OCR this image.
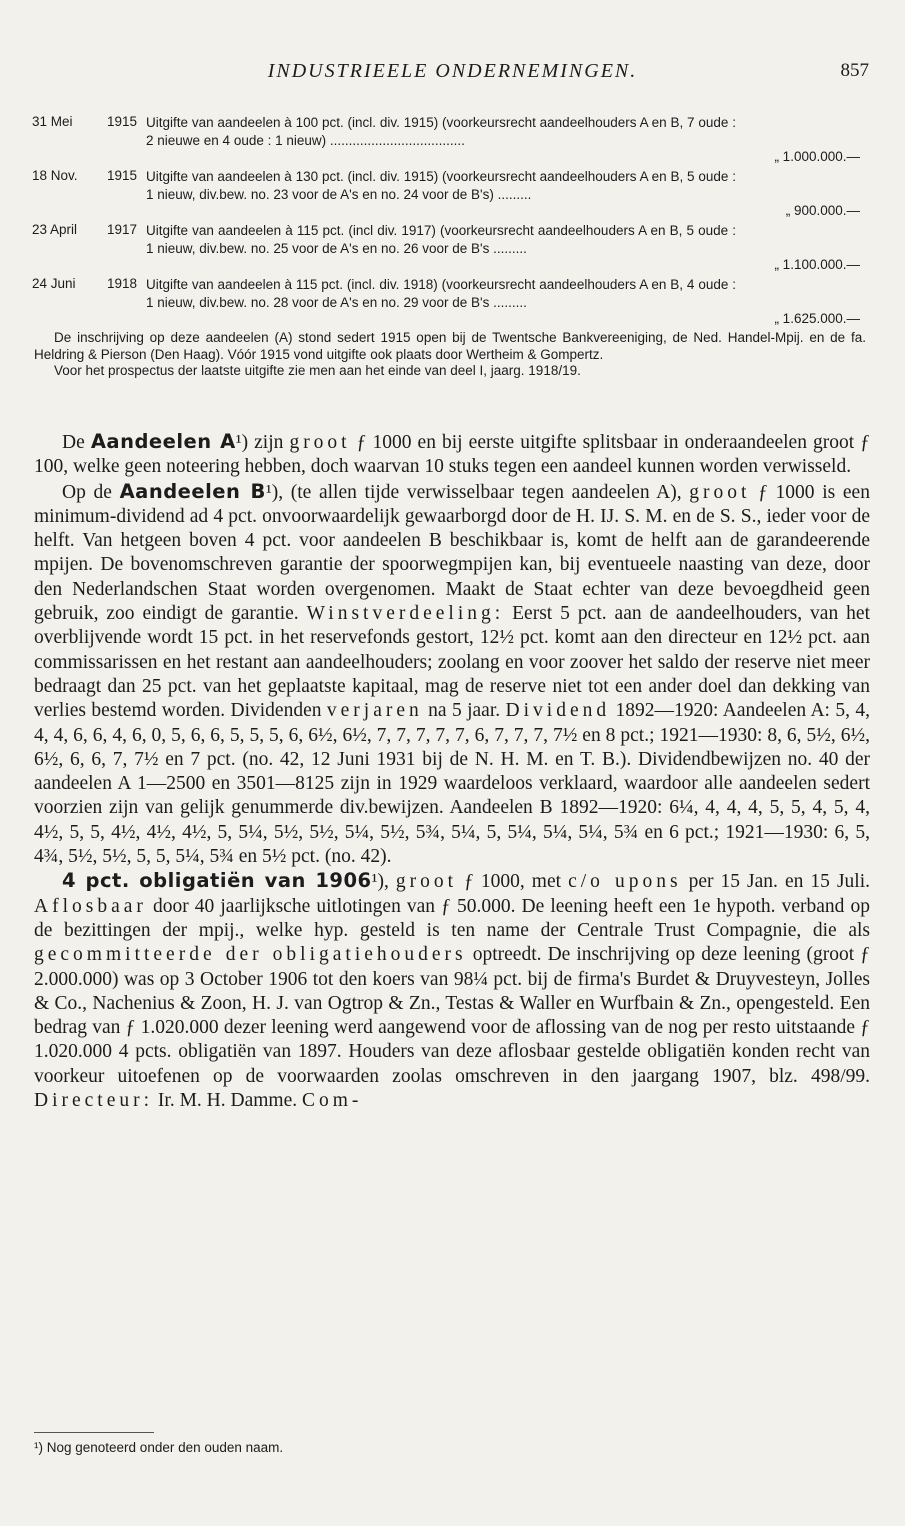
INDUSTRIEELE ONDERNEMINGEN.	857
31 Mei	1915 Uitgifte van aandeelen à 100 pct. (incl. div. 1915) (voorkeursrecht aandeelhouders A en B, 7 oude : 2 nieuwe en 4 oude : 1 nieuw) ....................................
„ 1.000.000.—
18 Nov.	1915 Uitgifte van aandeelen à 130 pct. (incl. div. 1915) (voorkeursrecht aandeelhouders A en B, 5 oude : 1 nieuw, div.bew. no. 23 voor de A's en no. 24 voor de B's) .........
„ 900.000.—
23 April	1917 Uitgifte van aandeelen à 115 pct. (incl div. 1917) (voorkeursrecht aandeelhouders A en B, 5 oude : 1 nieuw, div.bew. no. 25 voor de A's en no. 26 voor de B's .........
„ 1.100.000.—
24 Juni	1918 Uitgifte van aandeelen à 115 pct. (incl. div. 1918) (voorkeursrecht aandeelhouders A en B, 4 oude : 1 nieuw, div.bew. no. 28 voor de A's en no. 29 voor de B's .........
„ 1.625.000.—

De inschrijving op deze aandeelen (A) stond sedert 1915 open bij de Twentsche Bankvereeniging, de Ned. Handel-Mpij. en de fa. Heldring & Pierson (Den Haag). Vóór 1915 vond uitgifte ook plaats door Wertheim & Gompertz.

Voor het prospectus der laatste uitgifte zie men aan het einde van deel I, jaarg. 1918/19.

De Aandeelen A¹) zijn groot ƒ 1000 en bij eerste uitgifte splitsbaar in onderaandeelen groot ƒ 100, welke geen noteering hebben, doch waarvan 10 stuks tegen een aandeel kunnen worden verwisseld.

Op de Aandeelen B¹), (te allen tijde verwisselbaar tegen aandeelen A), groot ƒ 1000 is een minimum-dividend ad 4 pct. onvoorwaardelijk gewaarborgd door de H. IJ. S. M. en de S. S., ieder voor de helft. Van hetgeen boven 4 pct. voor aandeelen B beschikbaar is, komt de helft aan de garandeerende mpijen. De bovenomschreven garantie der spoorwegmpijen kan, bij eventueele naasting van deze, door den Nederlandschen Staat worden overgenomen. Maakt de Staat echter van deze bevoegdheid geen gebruik, zoo eindigt de garantie. Winstverdeeling: Eerst 5 pct. aan de aandeelhouders, van het overblijvende wordt 15 pct. in het reservefonds gestort, 12½ pct. komt aan den directeur en 12½ pct. aan commissarissen en het restant aan aandeelhouders; zoolang en voor zoover het saldo der reserve niet meer bedraagt dan 25 pct. van het geplaatste kapitaal, mag de reserve niet tot een ander doel dan dekking van verlies bestemd worden. Dividenden verjaren na 5 jaar. Dividend 1892—1920: Aandeelen A: 5, 4, 4, 4, 6, 6, 4, 6, 0, 5, 6, 6, 5, 5, 5, 6, 6½, 6½, 7, 7, 7, 7, 7, 6, 7, 7, 7, 7½ en 8 pct.; 1921—1930: 8, 6, 5½, 6½, 6½, 6, 6, 7, 7½ en 7 pct. (no. 42, 12 Juni 1931 bij de N. H. M. en T. B.). Dividendbewijzen no. 40 der aandeelen A 1—2500 en 3501—8125 zijn in 1929 waardeloos verklaard, waardoor alle aandeelen sedert voorzien zijn van gelijk genummerde div.bewijzen. Aandeelen B 1892—1920: 6¼, 4, 4, 4, 5, 5, 4, 5, 4, 4½, 5, 5, 4½, 4½, 4½, 5, 5¼, 5½, 5½, 5¼, 5½, 5¾, 5¼, 5, 5¼, 5¼, 5¼, 5¾ en 6 pct.; 1921—1930: 6, 5, 4¾, 5½, 5½, 5, 5, 5¼, 5¾ en 5½ pct. (no. 42).

4 pct. obligatiën van 1906¹), groot ƒ 1000, met c/o upons per 15 Jan. en 15 Juli. Aflosbaar door 40 jaarlijksche uitlotingen van ƒ 50.000. De leening heeft een 1e hypoth. verband op de bezittingen der mpij., welke hyp. gesteld is ten name der Centrale Trust Compagnie, die als gecommitteerde der obligatiehouders optreedt. De inschrijving op deze leening (groot ƒ 2.000.000) was op 3 October 1906 tot den koers van 98¼ pct. bij de firma's Burdet & Druyvesteyn, Jolles & Co., Nachenius & Zoon, H. J. van Ogtrop & Zn., Testas & Waller en Wurfbain & Zn., opengesteld. Een bedrag van ƒ 1.020.000 dezer leening werd aangewend voor de aflossing van de nog per resto uitstaande ƒ 1.020.000 4 pcts. obligatiën van 1897. Houders van deze aflosbaar gestelde obligatiën konden recht van voorkeur uitoefenen op de voorwaarden zoolas omschreven in den jaargang 1907, blz. 498/99. Directeur: Ir. M. H. Damme. Com-

¹) Nog genoteerd onder den ouden naam.
